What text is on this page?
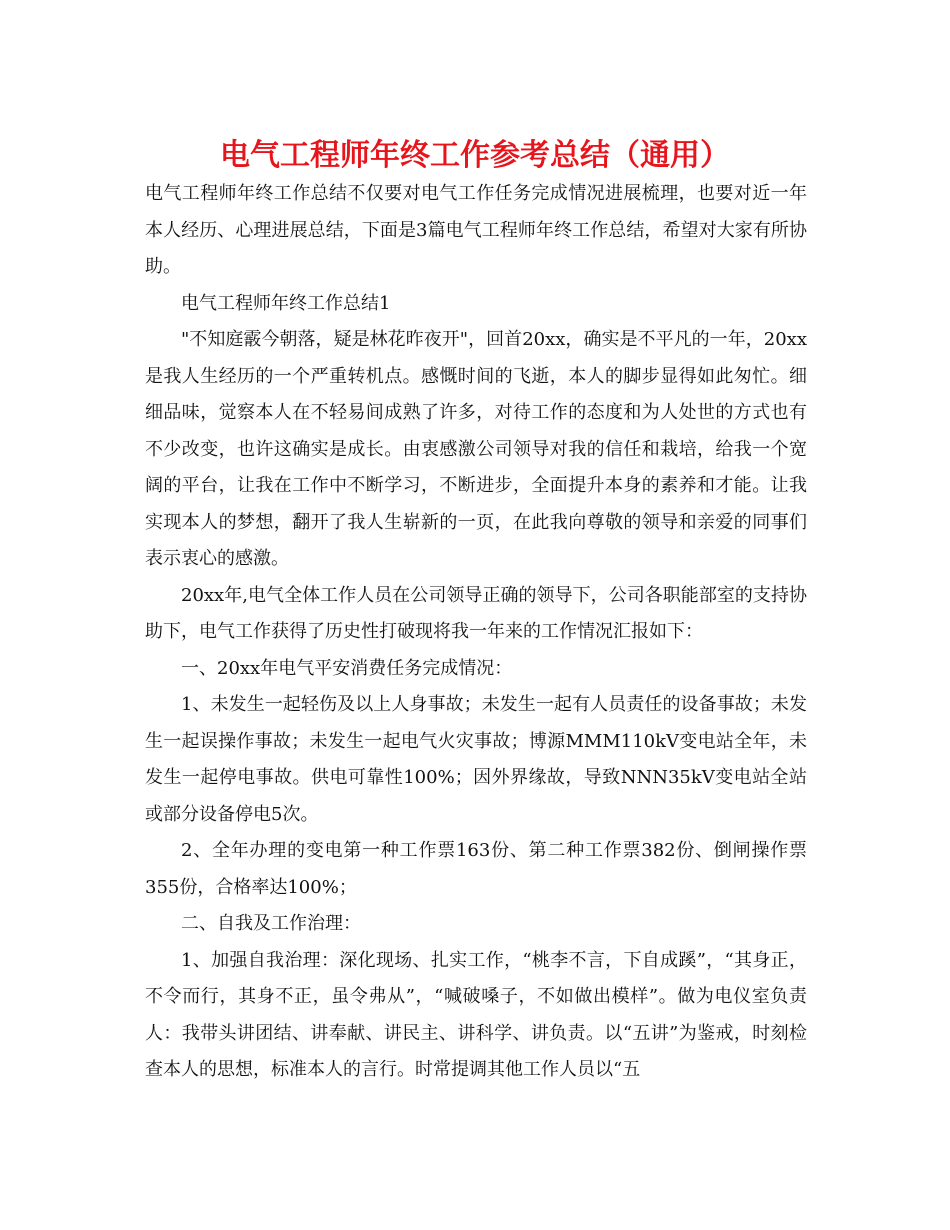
电气工程师年终工作参考总结（通用）

电气工程师年终工作总结不仅要对电气工作任务完成情况进展梳理，也要对近一年本人经历、心理进展总结，下面是3篇电气工程师年终工作总结，希望对大家有所协助。

电气工程师年终工作总结1

"不知庭霰今朝落，疑是林花昨夜开"，回首20xx，确实是不平凡的一年，20xx是我人生经历的一个严重转机点。感慨时间的飞逝，本人的脚步显得如此匆忙。细细品味，觉察本人在不轻易间成熟了许多，对待工作的态度和为人处世的方式也有不少改变，也许这确实是成长。由衷感激公司领导对我的信任和栽培，给我一个宽阔的平台，让我在工作中不断学习，不断进步，全面提升本身的素养和才能。让我实现本人的梦想，翻开了我人生崭新的一页，在此我向尊敬的领导和亲爱的同事们表示衷心的感激。

20xx年,电气全体工作人员在公司领导正确的领导下，公司各职能部室的支持协助下，电气工作获得了历史性打破现将我一年来的工作情况汇报如下：

一、20xx年电气平安消费任务完成情况：

1、未发生一起轻伤及以上人身事故；未发生一起有人员责任的设备事故；未发生一起误操作事故；未发生一起电气火灾事故；博源MMM110kV变电站全年，未发生一起停电事故。供电可靠性100%；因外界缘故，导致NNN35kV变电站全站或部分设备停电5次。

2、全年办理的变电第一种工作票163份、第二种工作票382份、倒闸操作票355份，合格率达100%；

二、自我及工作治理：

1、加强自我治理：深化现场、扎实工作，“桃李不言，下自成蹊”，“其身正，不令而行，其身不正，虽令弗从”，“喊破嗓子，不如做出模样”。做为电仪室负责人：我带头讲团结、讲奉献、讲民主、讲科学、讲负责。以“五讲”为鉴戒，时刻检查本人的思想，标准本人的言行。时常提调其他工作人员以“五
